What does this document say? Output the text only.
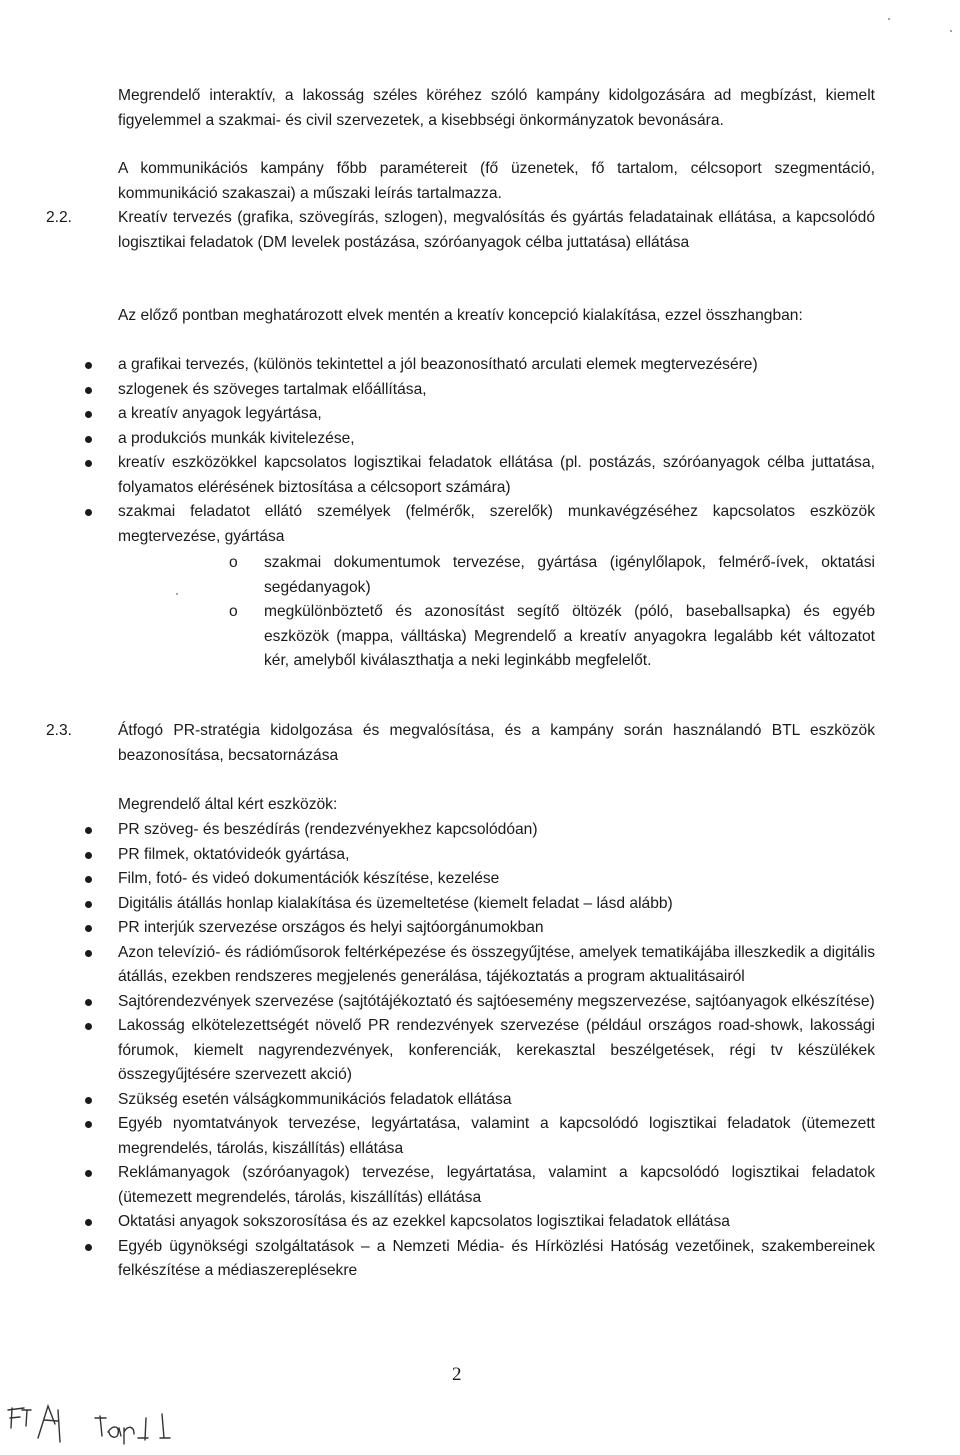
Megrendelő interaktív, a lakosság széles köréhez szóló kampány kidolgozására ad megbízást, kiemelt figyelemmel a szakmai- és civil szervezetek, a kisebbségi önkormányzatok bevonására.

A kommunikációs kampány főbb paramétereit (fő üzenetek, fő tartalom, célcsoport szegmentáció, kommunikáció szakaszai) a műszaki leírás tartalmazza.

2.2.	Kreatív tervezés (grafika, szövegírás, szlogen), megvalósítás és gyártás feladatainak ellátása, a kapcsolódó logisztikai feladatok (DM levelek postázása, szóróanyagok célba juttatása) ellátása

Az előző pontban meghatározott elvek mentén a kreatív koncepció kialakítása, ezzel összhangban:

a grafikai tervezés, (különös tekintettel a jól beazonosítható arculati elemek megtervezésére)
szlogenek és szöveges tartalmak előállítása,
a kreatív anyagok legyártása,
a produkciós munkák kivitelezése,
kreatív eszközökkel kapcsolatos logisztikai feladatok ellátása (pl. postázás, szóróanyagok célba juttatása, folyamatos elérésének biztosítása a célcsoport számára)
szakmai feladatot ellátó személyek (felmérők, szerelők) munkavégzéséhez kapcsolatos eszközök megtervezése, gyártása
o szakmai dokumentumok tervezése, gyártása (igénylőlapok, felmérő-ívek, oktatási segédanyagok)
o megkülönböztető és azonosítást segítő öltözék (póló, baseballsapka) és egyéb eszközök (mappa, válltáska) Megrendelő a kreatív anyagokra legalább két változatot kér, amelyből kiválaszthatja a neki leginkább megfelelőt.
2.3.	Átfogó PR-stratégia kidolgozása és megvalósítása, és a kampány során használandó BTL eszközök beazonosítása, becsatornázása

Megrendelő által kért eszközök:

PR szöveg- és beszédírás (rendezvényekhez kapcsolódóan)
PR filmek, oktatóvideók gyártása,
Film, fotó- és videó dokumentációk készítése, kezelése
Digitális átállás honlap kialakítása és üzemeltetése (kiemelt feladat – lásd alább)
PR interjúk szervezése országos és helyi sajtóorgánumokban
Azon televízió- és rádióműsorok feltérképezése és összegyűjtése, amelyek tematikájába illeszkedik a digitális átállás, ezekben rendszeres megjelenés generálása, tájékoztatás a program aktualitásairól
Sajtórendezvények szervezése (sajtótájékoztató és sajtóesemény megszervezése, sajtóanyagok elkészítése)
Lakosság elkötelezettségét növelő PR rendezvények szervezése (például országos road-showk, lakossági fórumok, kiemelt nagyrendezvények, konferenciák, kerekasztal beszélgetések, régi tv készülékek összegyűjtésére szervezett akció)
Szükség esetén válságkommunikációs feladatok ellátása
Egyéb nyomtatványok tervezése, legyártatása, valamint a kapcsolódó logisztikai feladatok (ütemezett megrendelés, tárolás, kiszállítás) ellátása
Reklámanyagok (szóróanyagok) tervezése, legyártatása, valamint a kapcsolódó logisztikai feladatok (ütemezett megrendelés, tárolás, kiszállítás) ellátása
Oktatási anyagok sokszorosítása és az ezekkel kapcsolatos logisztikai feladatok ellátása
Egyéb ügynökségi szolgáltatások – a Nemzeti Média- és Hírközlési Hatóság vezetőinek, szakembereinek felkészítése a médiaszereplésekre
2
